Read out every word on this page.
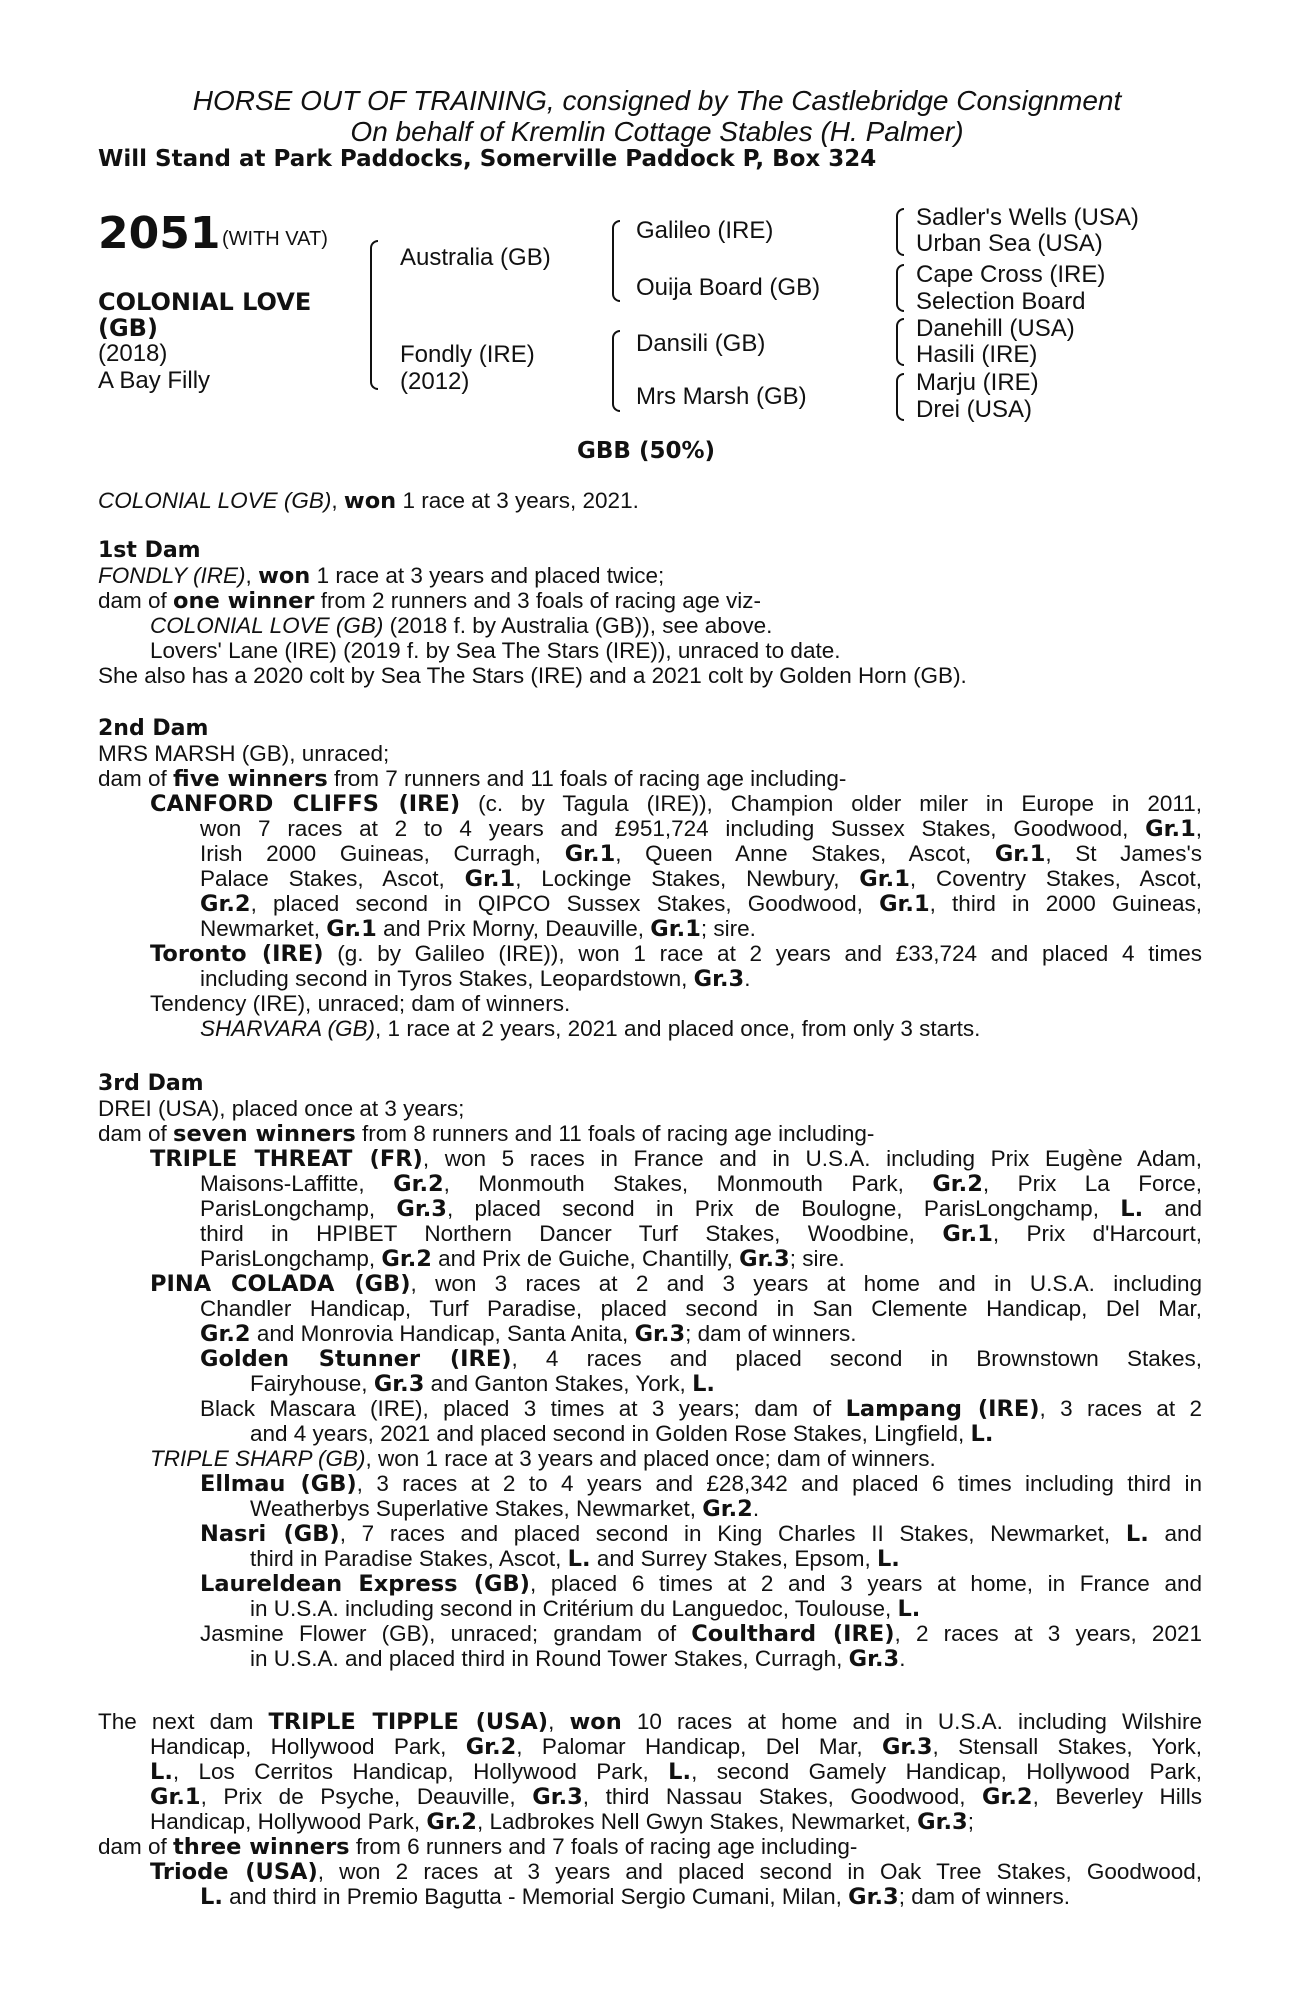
HORSE OUT OF TRAINING, consigned by The Castlebridge Consignment
On behalf of Kremlin Cottage Stables (H. Palmer)
Will Stand at Park Paddocks, Somerville Paddock P, Box 324
2051 (WITH VAT)
COLONIAL LOVE
(GB)
(2018)
A Bay Filly
Australia (GB)
Fondly (IRE)
(2012)
Galileo (IRE)
Ouija Board (GB)
Dansili (GB)
Mrs Marsh (GB)
Sadler's Wells (USA)
Urban Sea (USA)
Cape Cross (IRE)
Selection Board
Danehill (USA)
Hasili (IRE)
Marju (IRE)
Drei (USA)
GBB (50%)
COLONIAL LOVE (GB), won 1 race at 3 years, 2021.
1st Dam
FONDLY (IRE), won 1 race at 3 years and placed twice;
dam of one winner from 2 runners and 3 foals of racing age viz-
COLONIAL LOVE (GB) (2018 f. by Australia (GB)), see above.
Lovers' Lane (IRE) (2019 f. by Sea The Stars (IRE)), unraced to date.
She also has a 2020 colt by Sea The Stars (IRE) and a 2021 colt by Golden Horn (GB).
2nd Dam
MRS MARSH (GB), unraced;
dam of five winners from 7 runners and 11 foals of racing age including-
CANFORD CLIFFS (IRE) (c. by Tagula (IRE)), Champion older miler in Europe in 2011,
won 7 races at 2 to 4 years and £951,724 including Sussex Stakes, Goodwood, Gr.1,
Irish 2000 Guineas, Curragh, Gr.1, Queen Anne Stakes, Ascot, Gr.1, St James's
Palace Stakes, Ascot, Gr.1, Lockinge Stakes, Newbury, Gr.1, Coventry Stakes, Ascot,
Gr.2, placed second in QIPCO Sussex Stakes, Goodwood, Gr.1, third in 2000 Guineas,
Newmarket, Gr.1 and Prix Morny, Deauville, Gr.1; sire.
Toronto (IRE) (g. by Galileo (IRE)), won 1 race at 2 years and £33,724 and placed 4 times
including second in Tyros Stakes, Leopardstown, Gr.3.
Tendency (IRE), unraced; dam of winners.
SHARVARA (GB), 1 race at 2 years, 2021 and placed once, from only 3 starts.
3rd Dam
DREI (USA), placed once at 3 years;
dam of seven winners from 8 runners and 11 foals of racing age including-
TRIPLE THREAT (FR), won 5 races in France and in U.S.A. including Prix Eugène Adam,
Maisons-Laffitte, Gr.2, Monmouth Stakes, Monmouth Park, Gr.2, Prix La Force,
ParisLongchamp, Gr.3, placed second in Prix de Boulogne, ParisLongchamp, L. and
third in HPIBET Northern Dancer Turf Stakes, Woodbine, Gr.1, Prix d'Harcourt,
ParisLongchamp, Gr.2 and Prix de Guiche, Chantilly, Gr.3; sire.
PINA COLADA (GB), won 3 races at 2 and 3 years at home and in U.S.A. including
Chandler Handicap, Turf Paradise, placed second in San Clemente Handicap, Del Mar,
Gr.2 and Monrovia Handicap, Santa Anita, Gr.3; dam of winners.
Golden Stunner (IRE), 4 races and placed second in Brownstown Stakes,
Fairyhouse, Gr.3 and Ganton Stakes, York, L.
Black Mascara (IRE), placed 3 times at 3 years; dam of Lampang (IRE), 3 races at 2
and 4 years, 2021 and placed second in Golden Rose Stakes, Lingfield, L.
TRIPLE SHARP (GB), won 1 race at 3 years and placed once; dam of winners.
Ellmau (GB), 3 races at 2 to 4 years and £28,342 and placed 6 times including third in
Weatherbys Superlative Stakes, Newmarket, Gr.2.
Nasri (GB), 7 races and placed second in King Charles II Stakes, Newmarket, L. and
third in Paradise Stakes, Ascot, L. and Surrey Stakes, Epsom, L.
Laureldean Express (GB), placed 6 times at 2 and 3 years at home, in France and
in U.S.A. including second in Critérium du Languedoc, Toulouse, L.
Jasmine Flower (GB), unraced; grandam of Coulthard (IRE), 2 races at 3 years, 2021
in U.S.A. and placed third in Round Tower Stakes, Curragh, Gr.3.
The next dam TRIPLE TIPPLE (USA), won 10 races at home and in U.S.A. including Wilshire
Handicap, Hollywood Park, Gr.2, Palomar Handicap, Del Mar, Gr.3, Stensall Stakes, York,
L., Los Cerritos Handicap, Hollywood Park, L., second Gamely Handicap, Hollywood Park,
Gr.1, Prix de Psyche, Deauville, Gr.3, third Nassau Stakes, Goodwood, Gr.2, Beverley Hills
Handicap, Hollywood Park, Gr.2, Ladbrokes Nell Gwyn Stakes, Newmarket, Gr.3;
dam of three winners from 6 runners and 7 foals of racing age including-
Triode (USA), won 2 races at 3 years and placed second in Oak Tree Stakes, Goodwood,
L. and third in Premio Bagutta - Memorial Sergio Cumani, Milan, Gr.3; dam of winners.
